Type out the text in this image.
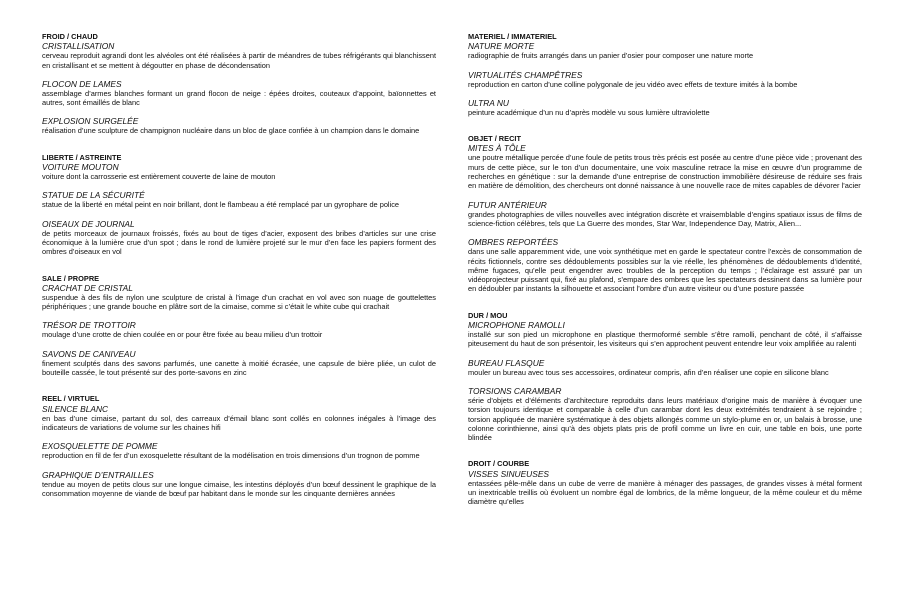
FROID / CHAUD
CRISTALLISATION
cerveau reproduit agrandi dont les alvéoles ont été réalisées à partir de méandres de tubes réfrigérants qui blanchissent en cristallisant et se mettent à dégoutter en phase de décondensation
FLOCON DE LAMES
assemblage d’armes blanches formant un grand flocon de neige : épées droites, couteaux d’appoint, baïonnettes et autres, sont émaillés de blanc
EXPLOSION SURGELÉE
réalisation d’une sculpture de champignon nucléaire dans un bloc de glace confiée à un champion dans le domaine
LIBERTE / ASTREINTE
VOITURE MOUTON
voiture dont la carrosserie est entièrement couverte de laine de mouton
STATUE DE LA SÉCURITÉ
statue de la liberté en métal peint en noir brillant, dont le flambeau a été remplacé par un gyrophare de police
OISEAUX DE JOURNAL
de petits morceaux de journaux froissés, fixés au bout de tiges d’acier, exposent des bribes d’articles sur une crise économique à la lumière crue d’un spot ; dans le rond de lumière projeté sur le mur d’en face les papiers forment des ombres d’oiseaux en vol
SALE / PROPRE
CRACHAT DE CRISTAL
suspendue à des fils de nylon une sculpture de cristal à l’image d’un crachat en vol avec son nuage de gouttelettes périphériques ; une grande bouche en plâtre sort de la cimaise, comme si c’était le white cube qui crachait
TRÉSOR DE TROTTOIR
moulage d’une crotte de chien coulée en or pour être fixée au beau milieu d’un trottoir
SAVONS DE CANIVEAU
finement sculptés dans des savons parfumés, une canette à moitié écrasée, une capsule de bière pliée, un culot de bouteille cassée, le tout présenté sur des porte-savons en zinc
REEL / VIRTUEL
SILENCE BLANC
en bas d’une cimaise, partant du sol, des carreaux d’émail blanc sont collés en colonnes inégales à l’image des indicateurs de variations de volume sur les chaines hifi
EXOSQUELETTE DE POMME
reproduction en fil de fer d’un exosquelette résultant de la modélisation en trois dimensions d’un trognon de pomme
GRAPHIQUE D’ENTRAILLES
tendue au moyen de petits clous sur une longue cimaise, les intestins déployés d’un bœuf dessinent le graphique de la consommation moyenne de viande de bœuf par habitant dans le monde sur les cinquante dernières années
MATERIEL / IMMATERIEL
NATURE MORTE
radiographie de fruits arrangés dans un panier d’osier pour composer une nature morte
VIRTUALITÉS CHAMPÊTRES
reproduction en carton d’une colline polygonale de jeu vidéo avec effets de texture imités à la bombe
ULTRA NU
peinture académique d’un nu d’après modèle vu sous lumière ultraviolette
OBJET / RECIT
MITES À TÔLE
une poutre métallique percée d’une foule de petits trous très précis est posée au centre d’une pièce vide ; provenant des murs de cette pièce, sur le ton d’un documentaire, une voix masculine retrace la mise en œuvre d’un programme de recherches en génétique : sur la demande d’une entreprise de construction immobilière désireuse de réduire ses frais en matière de démolition, des chercheurs ont donné naissance à une nouvelle race de mites capables de dévorer l’acier
FUTUR ANTÉRIEUR
grandes photographies de villes nouvelles avec intégration discrète et vraisemblable d’engins spatiaux issus de films de science-fiction célèbres, tels que La Guerre des mondes, Star War, Independence Day, Matrix, Alien...
OMBRES REPORTÉES
dans une salle apparemment vide, une voix synthétique met en garde le spectateur contre l’excès de consommation de récits fictionnels, contre ses dédoublements possibles sur la vie réelle, les phénomènes de dédoublements d’identité, même fugaces, qu’elle peut engendrer avec troubles de la perception du temps ; l’éclairage est assuré par un vidéoprojecteur puissant qui, fixé au plafond, s’empare des ombres que les spectateurs dessinent dans sa lumière pour en dédoubler par instants la silhouette et associant l’ombre d’un autre visiteur ou d’une posture passée
DUR / MOU
MICROPHONE RAMOLLI
installé sur son pied un microphone en plastique thermoformé semble s’être ramolli, penchant de côté, il s’affaisse piteusement du haut de son présentoir, les visiteurs qui s’en approchent peuvent entendre leur voix amplifiée au ralenti
BUREAU FLASQUE
mouler un bureau avec tous ses accessoires, ordinateur compris, afin d’en réaliser une copie en silicone blanc
TORSIONS CARAMBAR
série d’objets et d’éléments d’architecture reproduits dans leurs matériaux d’origine mais de manière à évoquer une torsion toujours identique et comparable à celle d’un carambar dont les deux extrémités tendraient à se rejoindre ; torsion appliquée de manière systématique à des objets allongés comme un stylo-plume en or, un balais à brosse, une colonne corinthienne, ainsi qu’à des objets plats pris de profil comme un livre en cuir, une table en bois, une porte blindée
DROIT / COURBE
VISSES SINUEUSES
entassées pêle-mêle dans un cube de verre de manière à ménager des passages, de grandes visses à métal forment un inextricable treillis où évoluent un nombre égal de lombrics, de la même longueur, de la même couleur et du même diamètre qu’elles
